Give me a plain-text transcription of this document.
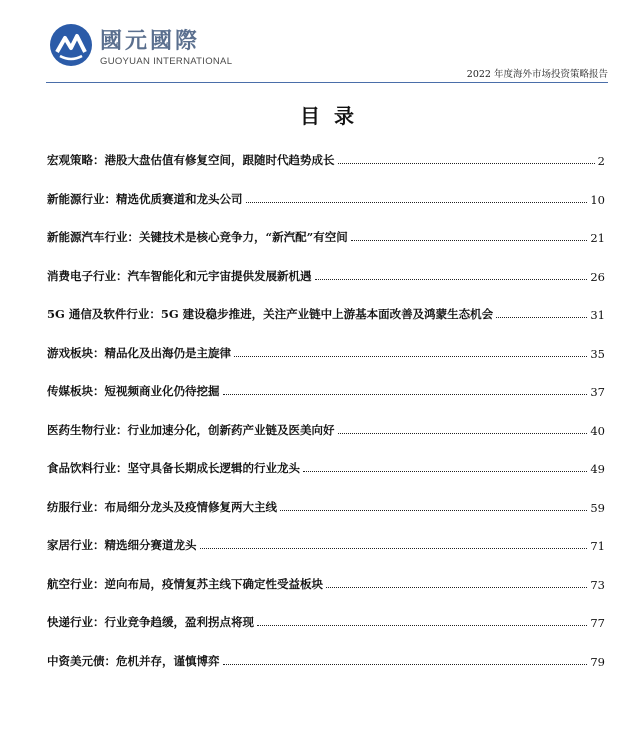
國元國際
GUOYUAN INTERNATIONAL
2022 年度海外市场投资策略报告
目录
宏观策略：港股大盘估值有修复空间，跟随时代趋势成长	2
新能源行业：精选优质赛道和龙头公司	10
新能源汽车行业：关键技术是核心竞争力，“新汽配”有空间	21
消费电子行业：汽车智能化和元宇宙提供发展新机遇	26
5G 通信及软件行业：5G 建设稳步推进，关注产业链中上游基本面改善及鸿蒙生态机会	31
游戏板块：精品化及出海仍是主旋律	35
传媒板块：短视频商业化仍待挖掘	37
医药生物行业：行业加速分化，创新药产业链及医美向好	40
食品饮料行业：坚守具备长期成长逻辑的行业龙头	49
纺服行业：布局细分龙头及疫情修复两大主线	59
家居行业：精选细分赛道龙头	71
航空行业：逆向布局，疫情复苏主线下确定性受益板块	73
快递行业：行业竞争趋缓，盈利拐点将现	77
中资美元债：危机并存，谨慎博弈	79
